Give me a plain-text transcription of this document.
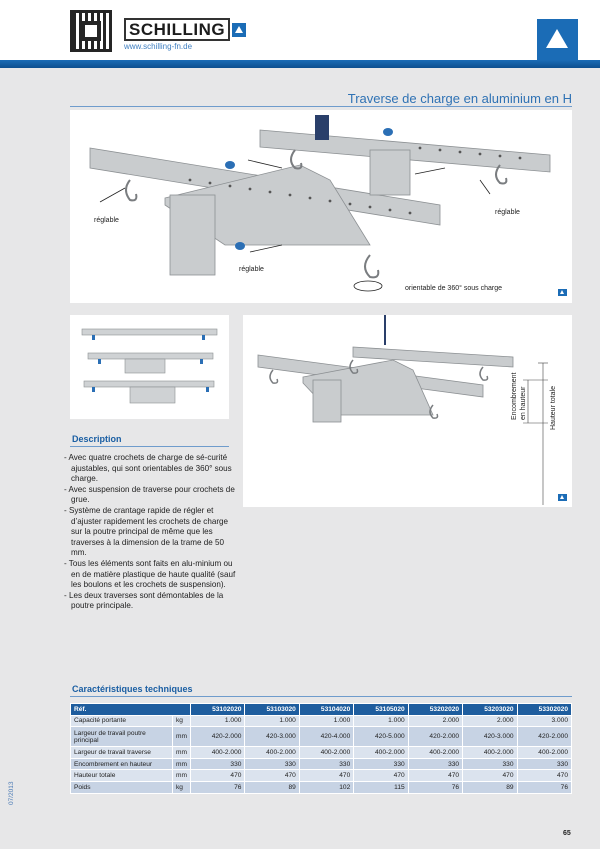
SCHILLING
www.schilling-fn.de
Traverse de charge en aluminium en H
réglable
réglable
réglable
orientable de 360° sous charge
Encombrement en hauteur	Hauteur totale
Description
- Avec quatre crochets de charge de sé-curité ajustables, qui sont orientables de 360° sous charge.
- Avec suspension de traverse pour crochets de grue.
- Système de crantage rapide de régler et d’ajuster rapidement les crochets de charge sur la poutre principal de même que les traverses à la dimension de la trame de 50 mm.
- Tous les éléments sont faits en alu-minium ou en de matière plastique de haute qualité (sauf les boulons et les crochets de suspension).
- Les deux traverses sont démontables de la poutre principale.
Caractéristiques techniques
Réf.		53102020	53103020	53104020	53105020	53202020	53203020	53302020
Capacité portante	kg	1.000	1.000	1.000	1.000	2.000	2.000	3.000
Largeur de travail poutre principal	mm	420-2.000	420-3.000	420-4.000	420-5.000	420-2.000	420-3.000	420-2.000
Largeur de travail traverse	mm	400-2.000	400-2.000	400-2.000	400-2.000	400-2.000	400-2.000	400-2.000
Encombrement en hauteur	mm	330	330	330	330	330	330	330
Hauteur totale	mm	470	470	470	470	470	470	470
Poids	kg	76	89	102	115	76	89	76
07/2013
65
